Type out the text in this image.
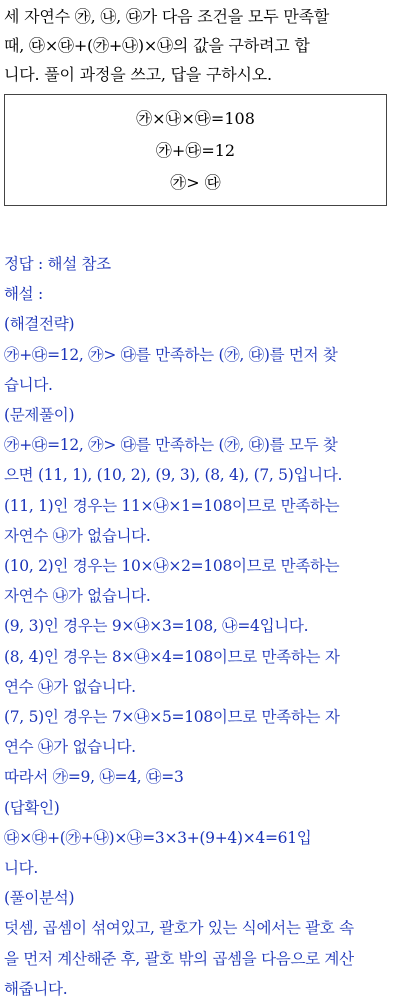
세 자연수 ㉮, ㉯, ㉰가 다음 조건을 모두 만족할
때, ㉰×㉰+(㉮+㉯)×㉯의 값을 구하려고 합
니다. 풀이 과정을 쓰고, 답을 구하시오.
㉮×㉯×㉰=108
㉮+㉰=12
㉮> ㉰
정답 : 해설 참조
해설 :
(해결전략)
㉮+㉰=12, ㉮> ㉰를 만족하는 (㉮, ㉰)를 먼저 찾
습니다.
(문제풀이)
㉮+㉰=12, ㉮> ㉰를 만족하는 (㉮, ㉰)를 모두 찾
으면 (11, 1), (10, 2), (9, 3), (8, 4), (7, 5)입니다.
(11, 1)인 경우는 11×㉯×1=108이므로 만족하는
자연수 ㉯가 없습니다.
(10, 2)인 경우는 10×㉯×2=108이므로 만족하는
자연수 ㉯가 없습니다.
(9, 3)인 경우는 9×㉯×3=108, ㉯=4입니다.
(8, 4)인 경우는 8×㉯×4=108이므로 만족하는 자
연수 ㉯가 없습니다.
(7, 5)인 경우는 7×㉯×5=108이므로 만족하는 자
연수 ㉯가 없습니다.
따라서 ㉮=9, ㉯=4, ㉰=3
(답확인)
㉰×㉰+(㉮+㉯)×㉯=3×3+(9+4)×4=61입
니다.
(풀이분석)
덧셈, 곱셈이 섞여있고, 괄호가 있는 식에서는 괄호 속
을 먼저 계산해준 후, 괄호 밖의 곱셈을 다음으로 계산
해줍니다.
